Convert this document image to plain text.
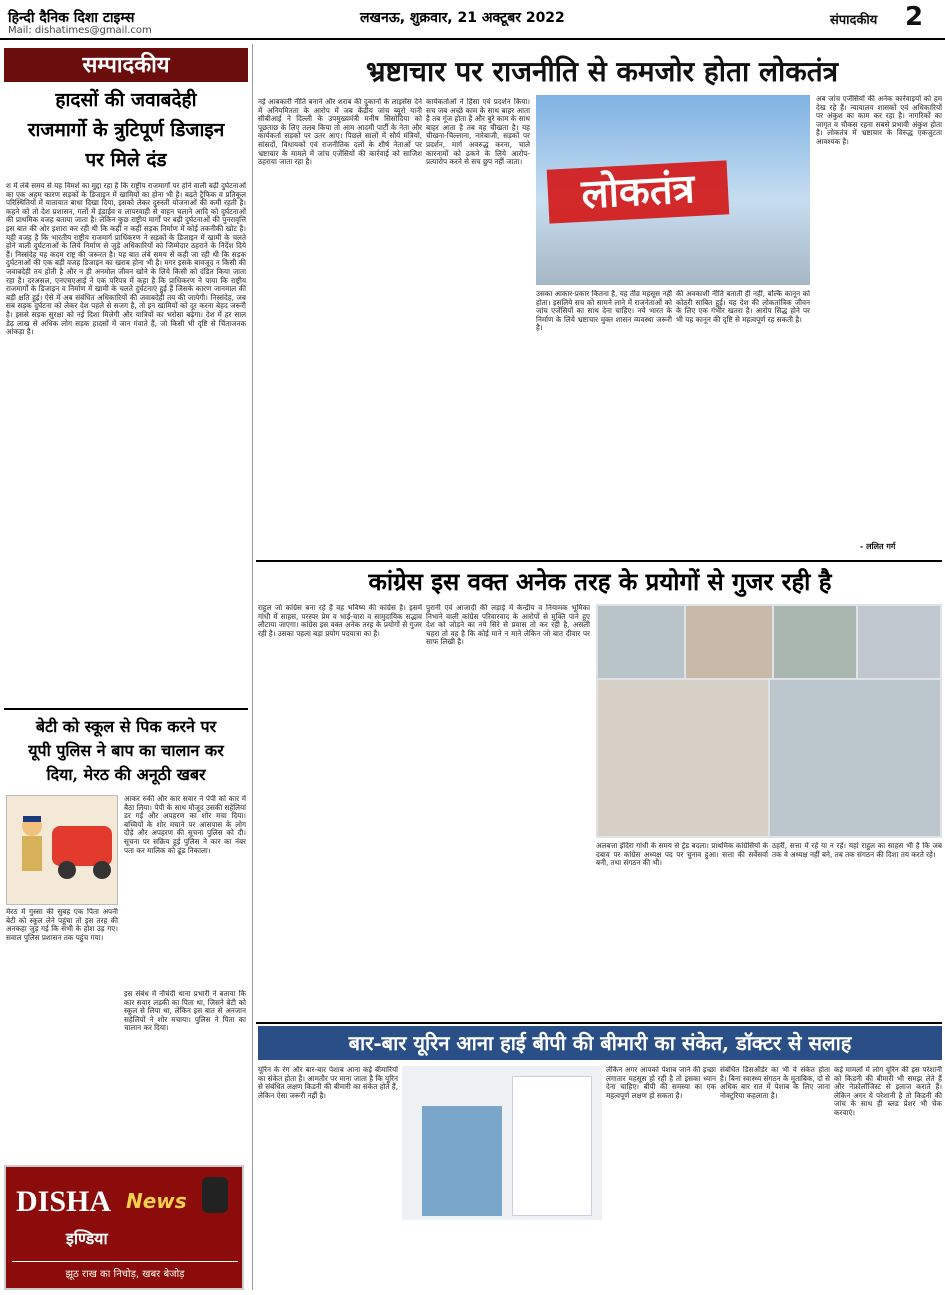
हिन्दी दैनिक दिशा टाइम्स	लखनऊ, शुक्रवार, 21 अक्टूबर 2022	संपादकीय 2
Mail: dishatimes@gmail.com
सम्पादकीय
हादसों की जवाबदेही
राजमार्गो के त्रुटिपूर्ण डिजाइन
पर मिले दंड
श में लंबे समय से यह विमर्श का मुद्दा रहा है कि राष्ट्रीय राजमार्गों पर होने वाली बढ़ी दुर्घटनाओं का एक अहम कारण सड़कों के डिजाइन में खामियों का होना भी है। बढ़ते ट्रैफिक व प्रतिकूल परिस्थितियों में यातायात बाधा दिखा दिया, इसको लेकर दुरुस्ती योजनाओं की कमी रहती है। कहने को तो देश प्रशासन, गलों में इंडाईव व लापरवाही से वाहन चलाने आदि को दुर्घटनाओं की प्राथमिक वजह बताया जाता है। लेकिन कुछ राष्ट्रीय मार्गों पर बढ़ी दुर्घटनाओं की पुनरावृत्ति इस बात की ओर इशारा कर रही थी कि कहीं न कहीं सड़क निर्माण में कोई तकनीकी खोट है। यही वजह है कि भारतीय राष्ट्रीय राजमार्ग प्राधिकरण ने सड़कों के डिजाइन में खामी के चलते होने वाली दुर्घटनाओं के लिये निर्माण से जुड़े अधिकारियों को जिम्मेदार ठहराने के निर्देश दिये हैं। निस्संदेह यह कदम राष्ट्र की जरूरत है। यह बात लंबे समय से कही जा रही थी कि सड़क दुर्घटनाओं की एक बड़ी वजह डिजाइन का खराब होना भी है। मगर इसके बावजूद न किसी की जवाबदेही तय होती है और न ही अनमोल जीवन खोने के लिये किसी को दंडित किया जाता रहा है। दरअसल, एनएचएआई ने एक परिपत्र में कहा है कि प्राधिकरण ने पाया कि राष्ट्रीय राजमार्गों के डिजाइन व निर्माण में खामी के चलते दुर्घटनाएं हुई हैं जिसके कारण जानमाल की बड़ी क्षति हुई। ऐसे में अब संबंधित अधिकारियों की जवाबदेही तय की जायेगी। निस्संदेह, जब सब सड़क दुर्घटना को लेकर देश पहले से सजग है, तो इन खामियों को दूर करना बेहद जरूरी है। इससे सड़क सुरक्षा को नई दिशा मिलेगी और यात्रियों का भरोसा बढ़ेगा। देश में हर साल डेढ़ लाख से अधिक लोग सड़क हादसों में जान गंवाते हैं, जो किसी भी दृष्टि से चिंताजनक आंकड़ा है।
बेटी को स्कूल से पिक करने पर
यूपी पुलिस ने बाप का चालान कर
दिया, मेरठ की अनूठी खबर
मेरठ में गुस्सा की सुबह एक पिता अपनी बेटी को स्कूल लेने पहुंचा तो इस तरह की अनकहा जुड़ गई कि सभी के होश उड़ गए। सवाल पुलिस प्रशासन तक पहुंच गया।
आकर रुकी और कार सवार ने पेपी को कार में बैठा लिया। पेपी के साथ मौजूद उसकी सहेलियां डर गईं और अपहरण का शोर मचा दिया। बच्चियों के शोर मचाने पर आसपास के लोग दौड़े और अपहरण की सूचना पुलिस को दी। सूचना पर सक्रिय हुई पुलिस ने कार का नंबर पता कर मालिक को ढूंढ निकाला।
इस संबंध में नौचंदी थाना प्रभारी ने बताया कि कार सवार लड़की का पिता था, जिसने बेटी को स्कूल से लिया था, लेकिन इस बात से अनजान सहेलियों ने शोर मचाया। पुलिस ने पिता का चालान कर दिया।
DISHA News
इण्डिया
झूठ राख का निचोड़, खबर बेजोड़
भ्रष्टाचार पर राजनीति से कमजोर होता लोकतंत्र
नई आबकारी नीति बनाने और शराब की दुकानों के लाइसेंस देने में अनियमितता के आरोप में जब केंद्रीय जांच ब्यूरो यानी सीबीआई ने दिल्ली के उपमुख्यमंत्री मनीष सिसोदिया को पूछताछ के लिए तलब किया तो आम आदमी पार्टी के नेता और कार्यकर्ता सड़कों पर उतर आए। पिछले सालों में सौर्य मंत्रियों, सांसदों, विधायकों एवं राजनीतिक दलों के शीर्ष नेताओं पर भ्रष्टाचार के मामले में जांच एजेंसियों की कार्रवाई को साजिश ठहराया जाता रहा है।
कार्यकर्ताओं ने हिंसा एवं प्रदर्शन किया। सच जब अच्छे काम के साथ बाहर आता है तब गूंज होता है और बुरे काम के साथ बाहर आता है तब वह चीखता है। यह चीखना-चिल्लाना, नारेबाजी, सड़कों पर प्रदर्शन, मार्ग अवरुद्ध करना, चाले कारनामों को ढकने के लिये आरोप-प्रत्यारोप करने से सच छुप नहीं जाता।
लोकतंत्र
उसका आकार-प्रकार कितना है, यह तीव्र महसूस नहीं होता। इसलिये सच को सामने लाने में राजनेताओं को जांच एजेंसियों का साथ देना चाहिए। नये भारत के निर्माण के लिये भ्रष्टाचार मुक्त शासन व्यवस्था जरूरी है।
की अवकाशी नीति बताती ही नहीं, बल्कि कानून को कोठरी साबित हुई। यह देश की लोकतांत्रिक जीवन के लिए एक गंभीर खतरा है। आरोप सिद्ध होने पर भी यह कानून की दृष्टि से महत्वपूर्ण रह सकती है।
अब जांच एजेंसियों की अनेक कार्रवाइयों को हम देख रहे हैं। न्यायालय शासकों एवं अधिकारियों पर अंकुश का काम कर रहा है। नागरिकों का जागृत व चौकस रहना सबसे प्रभावी अंकुश होता है। लोकतंत्र में भ्रष्टाचार के विरुद्ध एकजुटता आवश्यक है।
- ललित गर्ग
कांग्रेस इस वक्त अनेक तरह के प्रयोगों से गुजर रही है
राहुल जो कांग्रेस बना रहे हैं वह भविष्य की कांग्रेस है। इसमें गांधी में साहस, परस्पर प्रेम व भाई-चारा व सामुदायिक सद्भाव लौटाया जाएगा। कांग्रेस इस वक्त अनेक तरह के प्रयोगों से गुजर रही है। उसका पहला बड़ा प्रयोग पदयात्रा का है।
पुरानी एवं आजादी की लड़ाई में केन्द्रीय व नियामक भूमिका निभाने वाली कांग्रेस परिवारवाद के आरोपों से मुक्ति पाने हुए देश को जोड़ने का नये सिरे से प्रयास तो कर रही है, असली चहरा तो वह है कि कोई माने न माने लेकिन जो बात दीवार पर साफ लिखी है।
अलबत्ता इंदिरा गांधी के समय से ट्रेंड बदला। प्राथमिक कांग्रेसियों के दबाव पर कांग्रेस अध्यक्ष पद पर चुनाव हुआ। सत्ता की सर्वेसर्वा बनी, तथा संगठन की भी।
ठहरीं, सत्ता में रहें या न रहें। यहां राहुल का साहस भी है कि जब तक वे अध्यक्ष नहीं बने, तब तक संगठन की दिशा तय करते रहे।
बार-बार यूरिन आना हाई बीपी की बीमारी का संकेत, डॉक्टर से सलाह
यूरिन के रंग और बार-बार पेशाब आना कई बीमारियों का संकेत होता है। आमतौर पर माना जाता है कि यूरिन से संबंधित लक्षण किडनी की बीमारी का संकेत होते हैं, लेकिन ऐसा जरूरी नहीं है।
लेकिन अगर आपको पेशाब जाने की इच्छा लगातार महसूस हो रही है तो इसका ध्यान देना चाहिए। बीपी की समस्या का एक महत्वपूर्ण लक्षण हो सकता है।
संबंधित डिसऑर्डर का भी ये संकेत होता है। बिना स्वास्थ्य संगठन के मुताबिक, दो से अधिक बार रात में पेशाब के लिए जाना नोक्टूरिया कहलाता है।
कई मामलों में लोग यूरिन की इस परेशानी को किडनी की बीमारी भी समझ लेते हैं और नेफ्रोलॉजिस्ट से इलाज कराते हैं। लेकिन अगर ये परेशानी है तो किडनी की जांच के साथ ही ब्लड प्रेशर भी चेक करवाएं।
